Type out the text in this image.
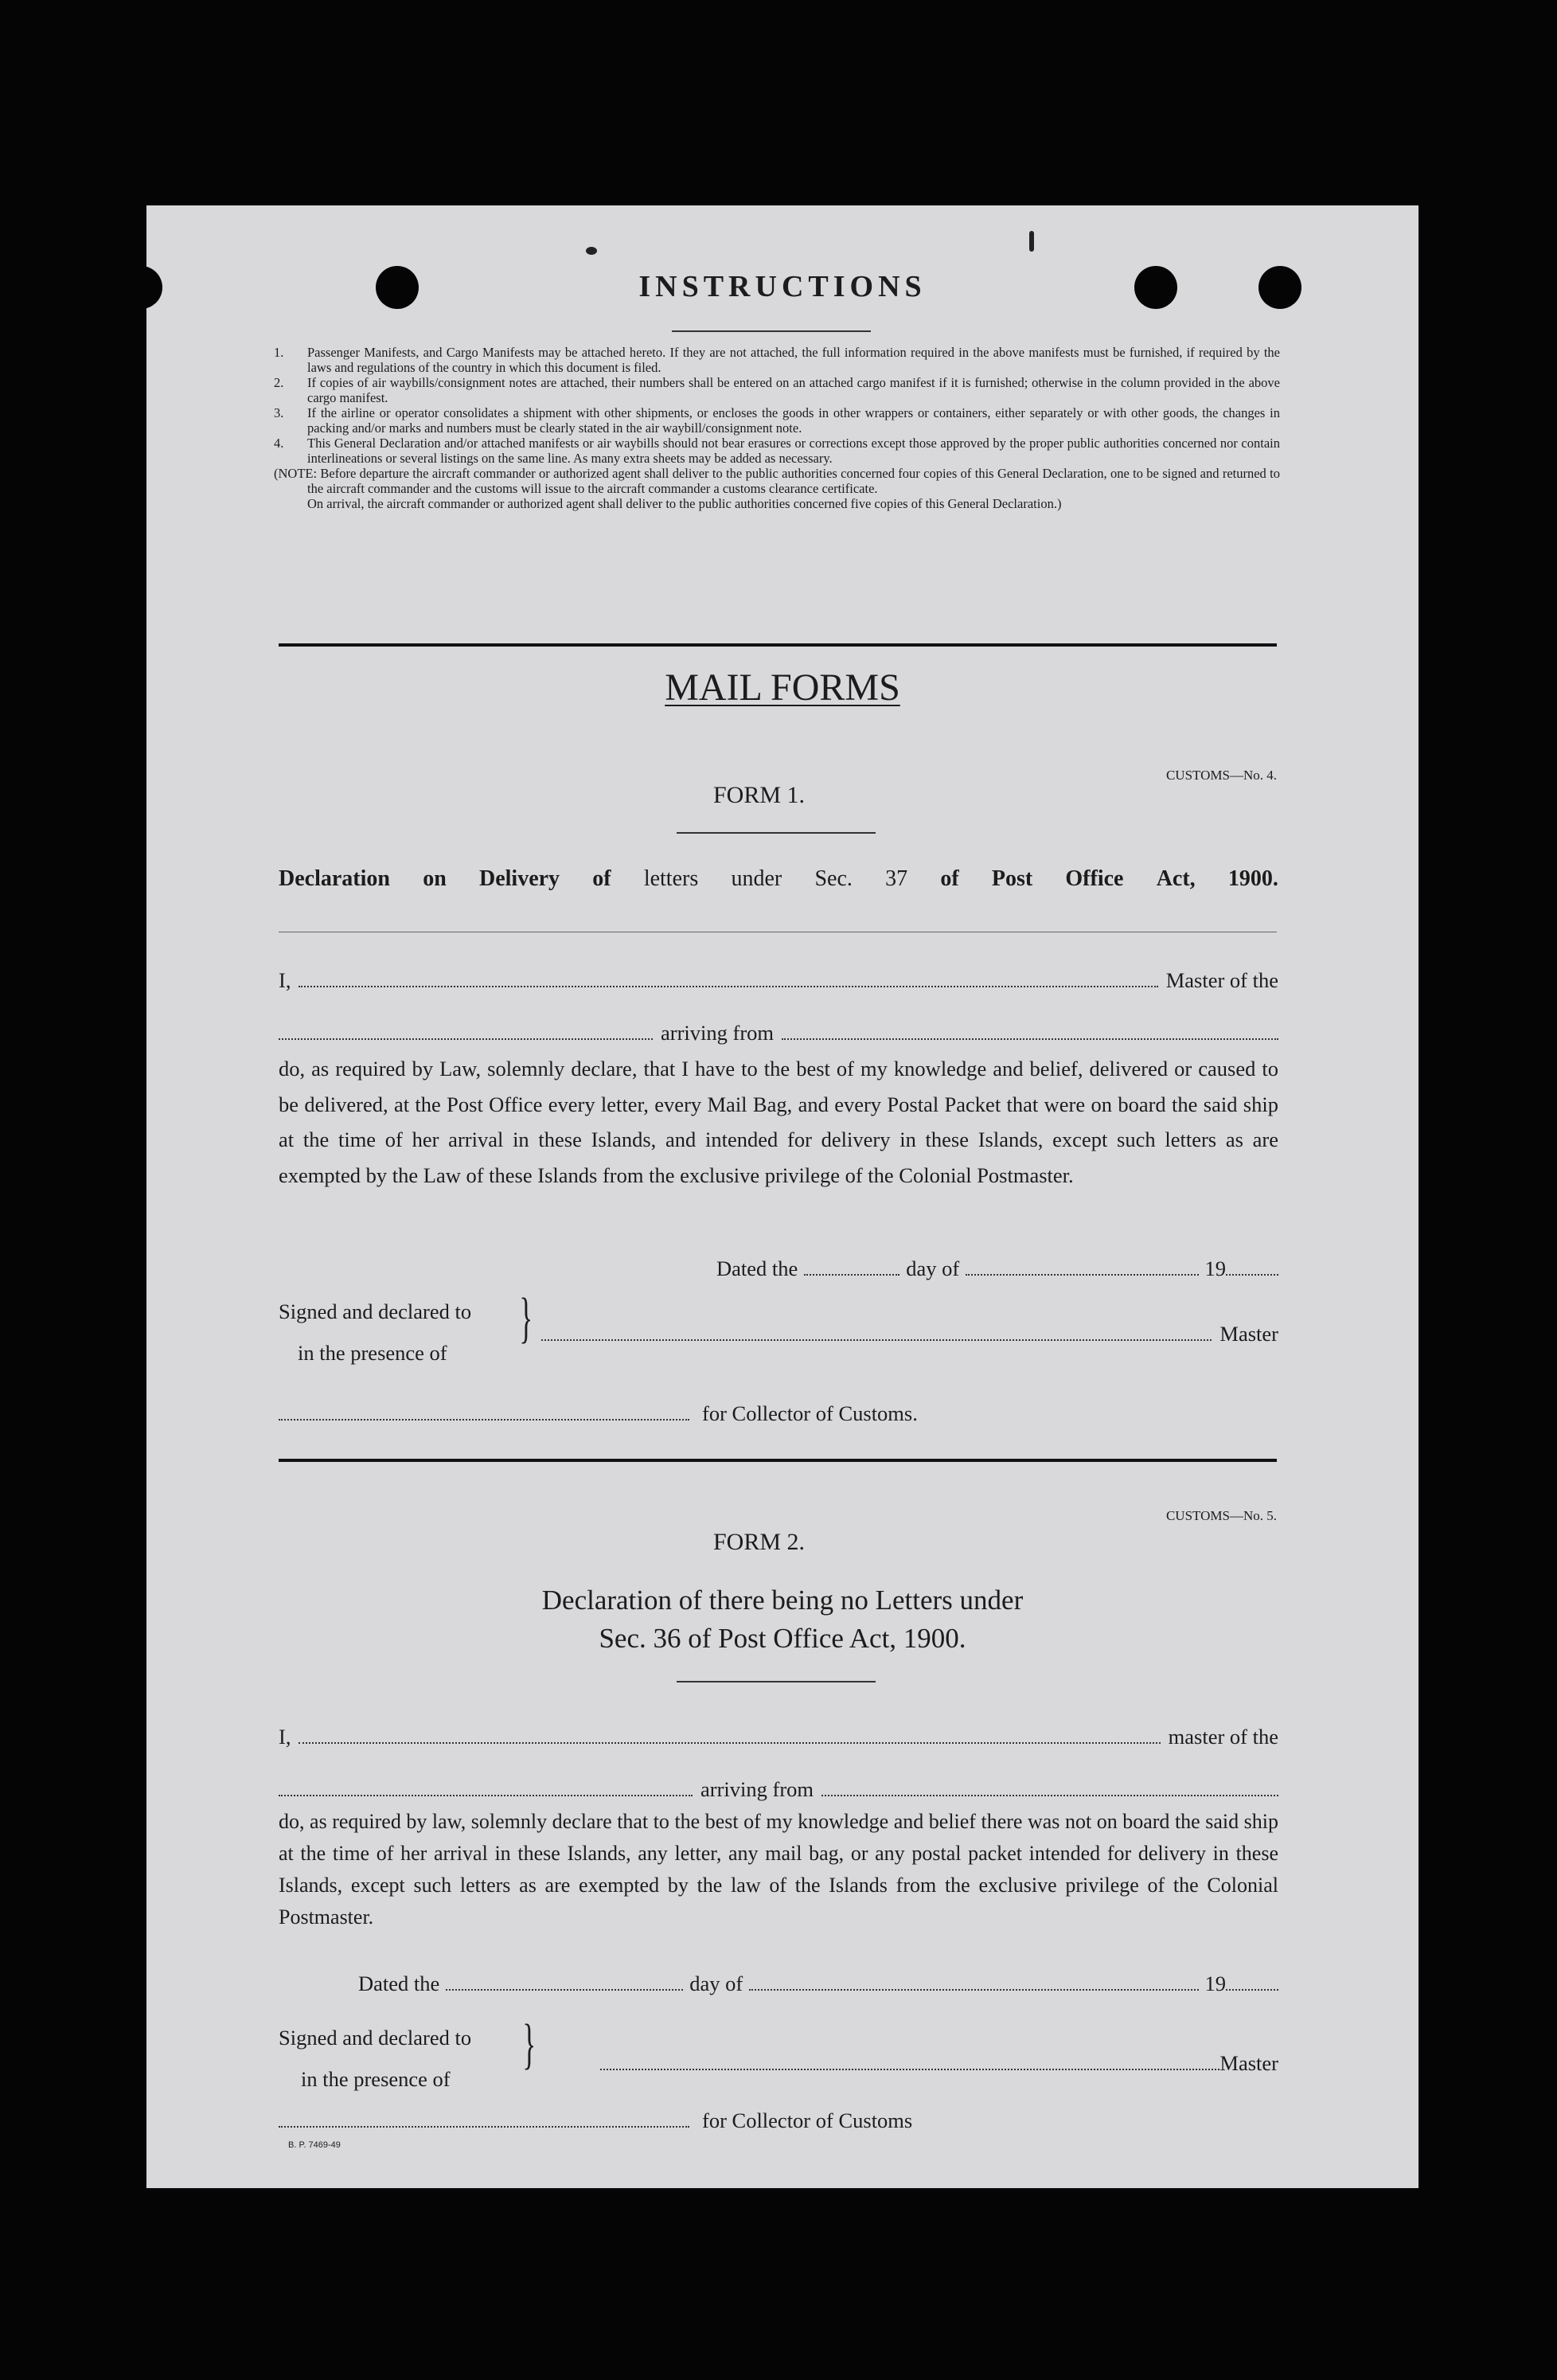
INSTRUCTIONS
1.	Passenger Manifests, and Cargo Manifests may be attached hereto. If they are not attached, the full information required in the above manifests must be furnished, if required by the laws and regulations of the country in which this document is filed.
2.	If copies of air waybills/consignment notes are attached, their numbers shall be entered on an attached cargo manifest if it is furnished; otherwise in the column provided in the above cargo manifest.
3.	If the airline or operator consolidates a shipment with other shipments, or encloses the goods in other wrappers or containers, either separately or with other goods, the changes in packing and/or marks and numbers must be clearly stated in the air waybill/consignment note.
4.	This General Declaration and/or attached manifests or air waybills should not bear erasures or corrections except those approved by the proper public authorities concerned nor contain interlineations or several listings on the same line. As many extra sheets may be added as necessary.
(NOTE: Before departure the aircraft commander or authorized agent shall deliver to the public authorities concerned four copies of this General Declaration, one to be signed and returned to the aircraft commander and the customs will issue to the aircraft commander a customs clearance certificate.
On arrival, the aircraft commander or authorized agent shall deliver to the public authorities concerned five copies of this General Declaration.)
MAIL FORMS
CUSTOMS—No. 4.
FORM 1.
Declaration on Delivery of letters under Sec. 37 of Post Office Act, 1900.
I,	Master of the
arriving from
do, as required by Law, solemnly declare, that I have to the best of my knowledge and belief, delivered or caused to be delivered, at the Post Office every letter, every Mail Bag, and every Postal Packet that were on board the said ship at the time of her arrival in these Islands, and intended for delivery in these Islands, except such letters as are exempted by the Law of these Islands from the exclusive privilege of the Colonial Postmaster.
Dated the	day of	19
Signed and declared to
in the presence of
}	Master
for Collector of Customs.
CUSTOMS—No. 5.
FORM 2.
Declaration of there being no Letters under
Sec. 36 of Post Office Act, 1900.
I,	master of the
arriving from
do, as required by law, solemnly declare that to the best of my knowledge and belief there was not on board the said ship at the time of her arrival in these Islands, any letter, any mail bag, or any postal packet intended for delivery in these Islands, except such letters as are exempted by the law of the Islands from the exclusive privilege of the Colonial Postmaster.
Dated the	day of	19
Signed and declared to
in the presence of
}	Master
for Collector of Customs
B. P. 7469-49
